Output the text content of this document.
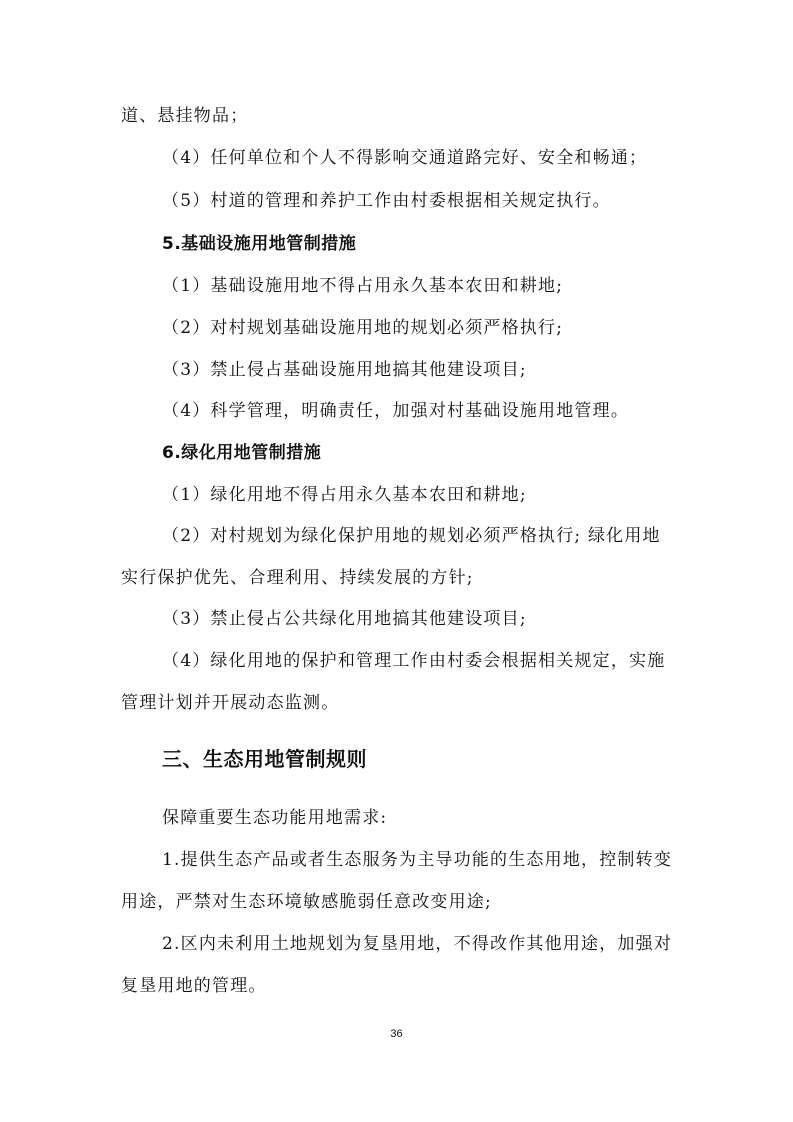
道、悬挂物品；
（4）任何单位和个人不得影响交通道路完好、安全和畅通；
（5）村道的管理和养护工作由村委根据相关规定执行。
5.基础设施用地管制措施
（1）基础设施用地不得占用永久基本农田和耕地;
（2）对村规划基础设施用地的规划必须严格执行;
（3）禁止侵占基础设施用地搞其他建设项目;
（4）科学管理，明确责任，加强对村基础设施用地管理。
6.绿化用地管制措施
（1）绿化用地不得占用永久基本农田和耕地;
（2）对村规划为绿化保护用地的规划必须严格执行; 绿化用地
实行保护优先、合理利用、持续发展的方针;
（3）禁止侵占公共绿化用地搞其他建设项目;
（4）绿化用地的保护和管理工作由村委会根据相关规定，实施
管理计划并开展动态监测。
三、生态用地管制规则
保障重要生态功能用地需求:
1.提供生态产品或者生态服务为主导功能的生态用地，控制转变
用途，严禁对生态环境敏感脆弱任意改变用途;
2.区内未利用土地规划为复垦用地，不得改作其他用途，加强对
复垦用地的管理。
36
